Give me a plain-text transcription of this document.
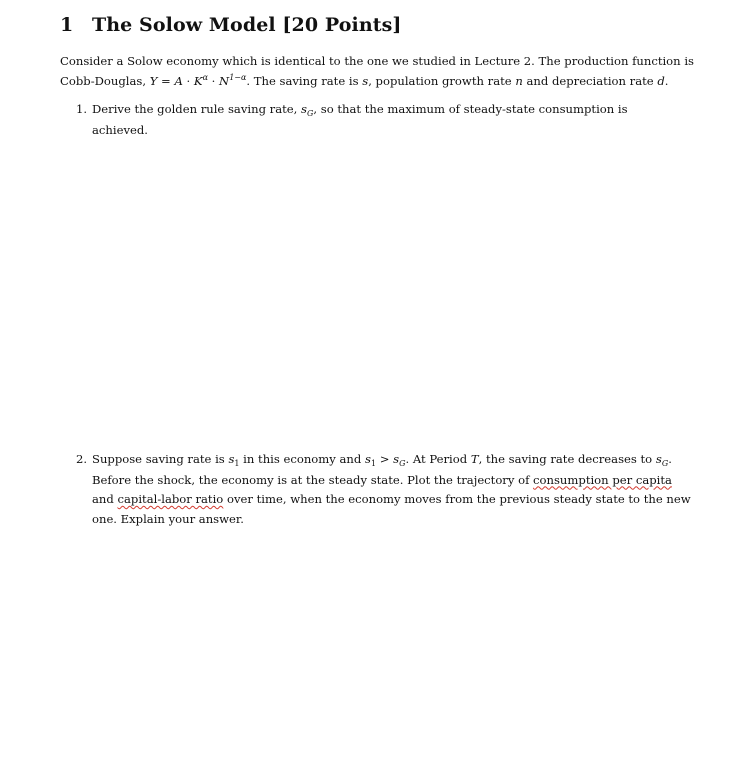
1 The Solow Model [20 Points]
Consider a Solow economy which is identical to the one we studied in Lecture 2. The production function is
Cobb-Douglas, $Y = A \cdot K^\alpha \cdot N^{1-\alpha}$. The saving rate is s, population growth rate n and depreciation rate d.
1. Derive the golden rule saving rate, $s_G$, so that the maximum of steady-state consumption is achieved.
2. Suppose saving rate is $s_1$ in this economy and $s_1 > s_G$. At Period T, the saving rate decreases to $s_G$.
Before the shock, the economy is at the steady state. Plot the trajectory of consumption per capita
and capital-labor ratio over time, when the economy moves from the previous steady state to the new
one. Explain your answer.
